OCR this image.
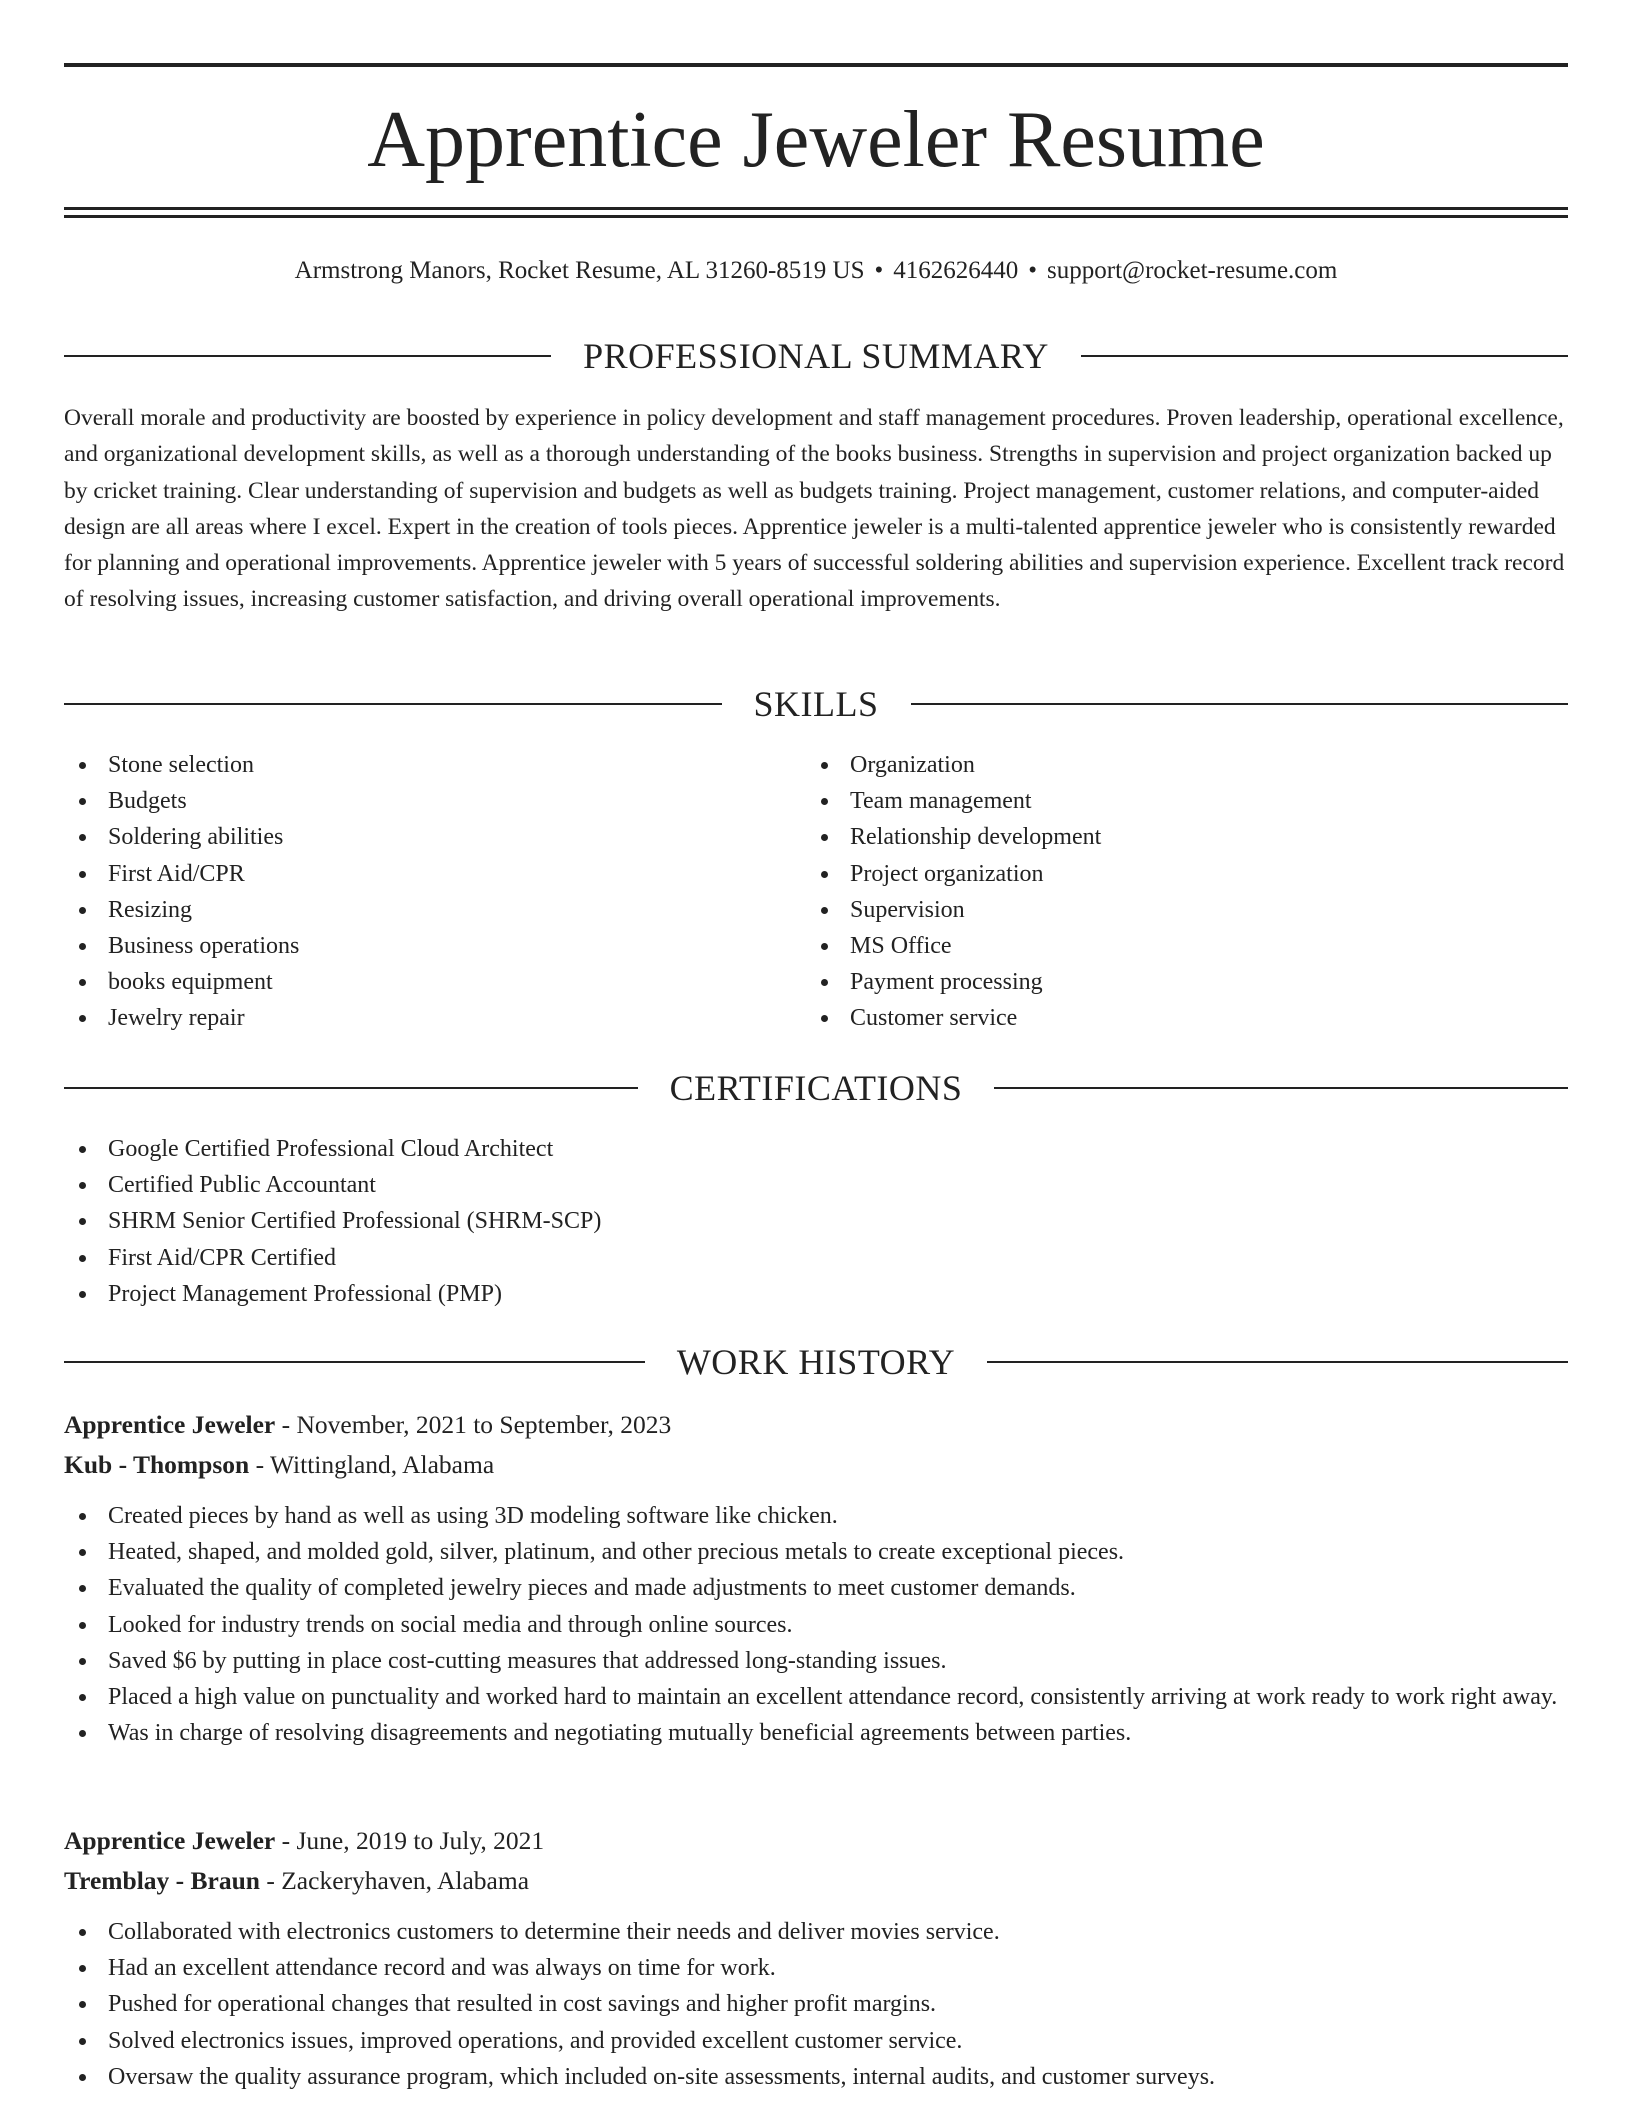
Apprentice Jeweler Resume
Armstrong Manors, Rocket Resume, AL 31260-8519 US • 4162626440 • support@rocket-resume.com
PROFESSIONAL SUMMARY

Overall morale and productivity are boosted by experience in policy development and staff management procedures. Proven leadership, operational excellence, and organizational development skills, as well as a thorough understanding of the books business. Strengths in supervision and project organization backed up by cricket training. Clear understanding of supervision and budgets as well as budgets training. Project management, customer relations, and computer-aided design are all areas where I excel. Expert in the creation of tools pieces. Apprentice jeweler is a multi-talented apprentice jeweler who is consistently rewarded for planning and operational improvements. Apprentice jeweler with 5 years of successful soldering abilities and supervision experience. Excellent track record of resolving issues, increasing customer satisfaction, and driving overall operational improvements.

SKILLS
Stone selection
Budgets
Soldering abilities
First Aid/CPR
Resizing
Business operations
books equipment
Jewelry repair
Organization
Team management
Relationship development
Project organization
Supervision
MS Office
Payment processing
Customer service
CERTIFICATIONS
Google Certified Professional Cloud Architect
Certified Public Accountant
SHRM Senior Certified Professional (SHRM-SCP)
First Aid/CPR Certified
Project Management Professional (PMP)
WORK HISTORY
Apprentice Jeweler - November, 2021 to September, 2023
Kub - Thompson - Wittingland, Alabama
Created pieces by hand as well as using 3D modeling software like chicken.
Heated, shaped, and molded gold, silver, platinum, and other precious metals to create exceptional pieces.
Evaluated the quality of completed jewelry pieces and made adjustments to meet customer demands.
Looked for industry trends on social media and through online sources.
Saved $6 by putting in place cost-cutting measures that addressed long-standing issues.
Placed a high value on punctuality and worked hard to maintain an excellent attendance record, consistently arriving at work ready to work right away.
Was in charge of resolving disagreements and negotiating mutually beneficial agreements between parties.
Apprentice Jeweler - June, 2019 to July, 2021
Tremblay - Braun - Zackeryhaven, Alabama
Collaborated with electronics customers to determine their needs and deliver movies service.
Had an excellent attendance record and was always on time for work.
Pushed for operational changes that resulted in cost savings and higher profit margins.
Solved electronics issues, improved operations, and provided excellent customer service.
Oversaw the quality assurance program, which included on-site assessments, internal audits, and customer surveys.
